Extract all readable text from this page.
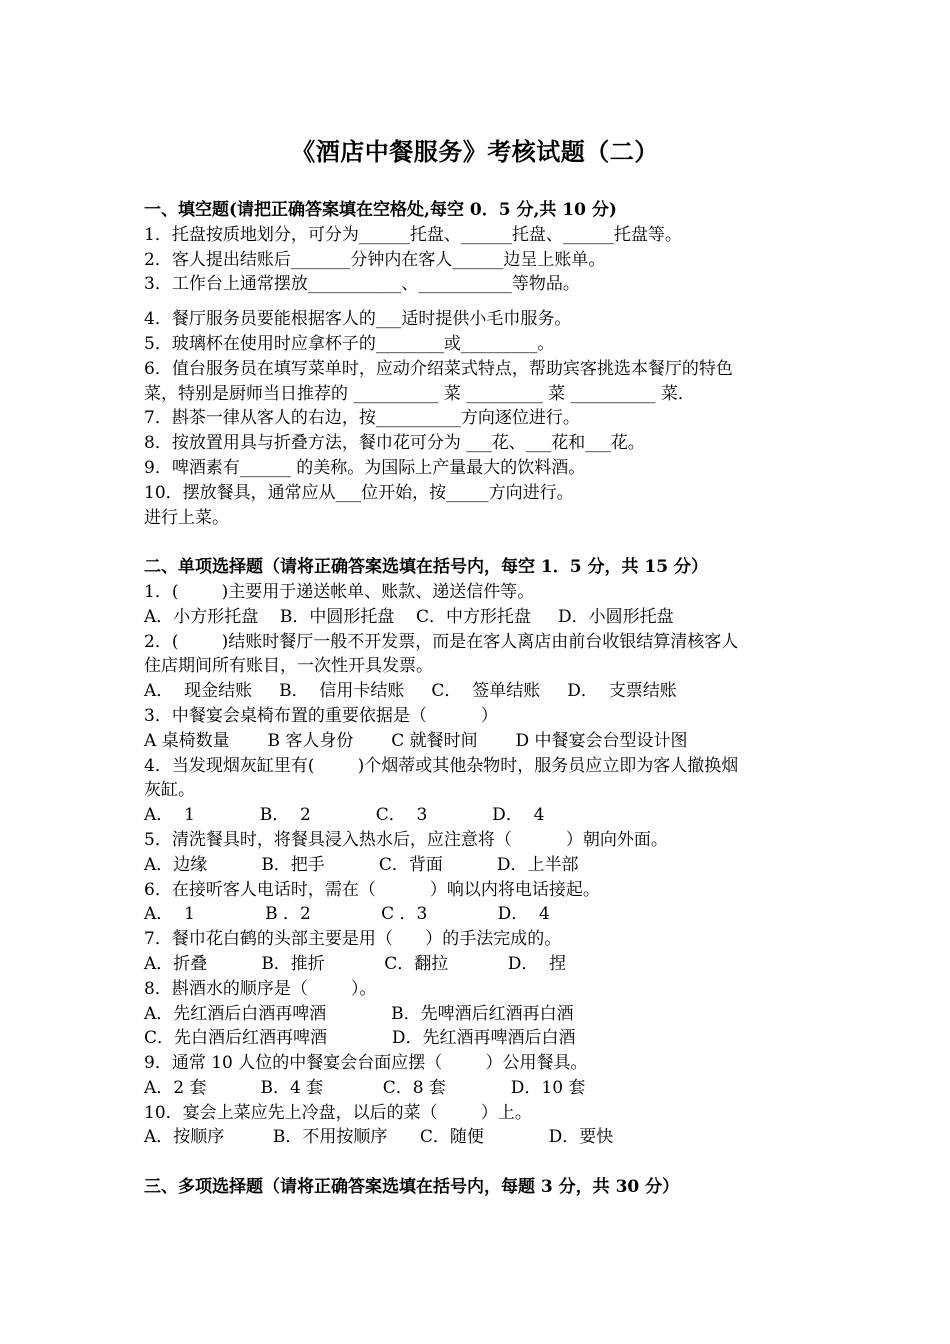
《酒店中餐服务》考核试题（二）
一、填空题(请把正确答案填在空格处,每空 0．5 分,共 10 分)
1．托盘按质地划分，可分为______托盘、______托盘、______托盘等。
2．客人提出结账后_______分钟内在客人______边呈上账单。
3．工作台上通常摆放___________、___________等物品。
4．餐厅服务员要能根据客人的___适时提供小毛巾服务。
5．玻璃杯在使用时应拿杯子的________或_________。
6．值台服务员在填写菜单时，应动介绍菜式特点，帮助宾客挑选本餐厅的特色
菜，特别是厨师当日推荐的 __________ 菜 _________ 菜 __________ 菜．
7．斟茶一律从客人的右边，按__________方向逐位进行。
8．按放置用具与折叠方法，餐巾花可分为 ___花、___花和___花。
9．啤酒素有______ 的美称。为国际上产量最大的饮料酒。
10．摆放餐具，通常应从___位开始，按_____方向进行。
进行上菜。
二、单项选择题（请将正确答案选填在括号内，每空 1．5 分，共 15 分）
1．(        )主要用于递送帐单、账款、递送信件等。
A．小方形托盘    B．中圆形托盘    C．中方形托盘     D．小圆形托盘
2．(        )结账时餐厅一般不开发票，而是在客人离店由前台收银结算清核客人
住店期间所有账目，一次性开具发票。
A．  现金结账     B．  信用卡结账     C．  签单结账     D．  支票结账
3．中餐宴会桌椅布置的重要依据是（          ）
A 桌椅数量       B 客人身份       C 就餐时间       D 中餐宴会台型设计图
4．当发现烟灰缸里有(        )个烟蒂或其他杂物时，服务员应立即为客人撤换烟
灰缸。
A．  1            B．  2            C．  3            D．  4
5．清洗餐具时，将餐具浸入热水后，应注意将（          ）朝向外面。
A．边缘          B．把手          C．背面          D．上半部
6．在接听客人电话时，需在（          ）响以内将电话接起。
A．  1             B ．2             C ．3             D．  4
7．餐巾花白鹤的头部主要是用（      ）的手法完成的。
A．折叠          B．推折           C．翻拉           D．  捏
8．斟酒水的顺序是（        ）。
A．先红酒后白酒再啤酒            B．先啤酒后红酒再白酒
C．先白酒后红酒再啤酒            D．先红酒再啤酒后白酒
9．通常 10 人位的中餐宴会台面应摆（        ）公用餐具。
A．2 套          B．4 套           C．8 套            D．10 套
10．宴会上菜应先上冷盘，以后的菜（        ）上。
A．按顺序         B．不用按顺序      C．随便            D．要快
三、多项选择题（请将正确答案选填在括号内，每题 3 分，共 30 分）
